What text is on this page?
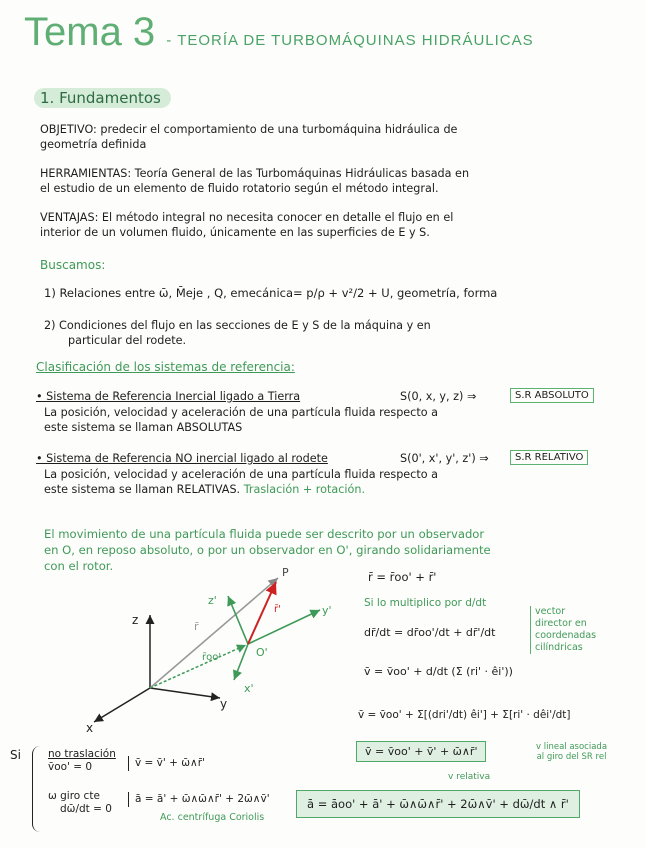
Tema 3 - TEORÍA DE TURBOMÁQUINAS HIDRÁULICAS
1. Fundamentos
OBJETIVO: predecir el comportamiento de una turbomáquina hidráulica de
geometría definida
HERRAMIENTAS: Teoría General de las Turbomáquinas Hidráulicas basada en
el estudio de un elemento de fluido rotatorio según el método integral.
VENTAJAS: El método integral no necesita conocer en detalle el flujo en el
interior de un volumen fluido, únicamente en las superficies de E y S.
Buscamos:
1) Relaciones entre ω̄, M̄eje , Q, emecánica= p/ρ + v²/2 + U, geometría, forma
2) Condiciones del flujo en las secciones de E y S de la máquina y en
particular del rodete.
Clasificación de los sistemas de referencia:
• Sistema de Referencia Inercial ligado a Tierra	S(0, x, y, z) ⇒	S.R ABSOLUTO
La posición, velocidad y aceleración de una partícula fluida respecto a
este sistema se llaman ABSOLUTAS
• Sistema de Referencia NO inercial ligado al rodete	S(0', x', y', z') ⇒	S.R RELATIVO
La posición, velocidad y aceleración de una partícula fluida respecto a
este sistema se llaman RELATIVAS. Traslación + rotación.
El movimiento de una partícula fluida puede ser descrito por un observador
en O, en reposo absoluto, o por un observador en O', girando solidariamente
con el rotor.	P
z
y
x
z'
y'
x'
O'
r̄
r̄'
r̄oo'
r̄ = r̄oo' + r̄'
Si lo multiplico por d/dt
dr̄/dt = dr̄oo'/dt + dr̄'/dt
vector
director en
coordenadas
cilíndricas
v̄ = v̄oo' + d/dt (Σ (ri' · êi'))
v̄ = v̄oo' + Σ[(dri'/dt) êi'] + Σ[ri' · dêi'/dt]
v̄ = v̄oo' + v̄' + ω̄∧r̄'	v lineal asociada
al giro del SR rel
v relativa
Si	no traslación
v̄oo' = 0	v̄ = v̄' + ω̄∧r̄'
ω giro cte
dω̄/dt = 0
ā = ā' + ω̄∧ω̄∧r̄' + 2ω̄∧v̄'
Ac. centrífuga Coriolis
ā = āoo' + ā' + ω̄∧ω̄∧r̄' + 2ω̄∧v̄' + dω̄/dt ∧ r̄'
